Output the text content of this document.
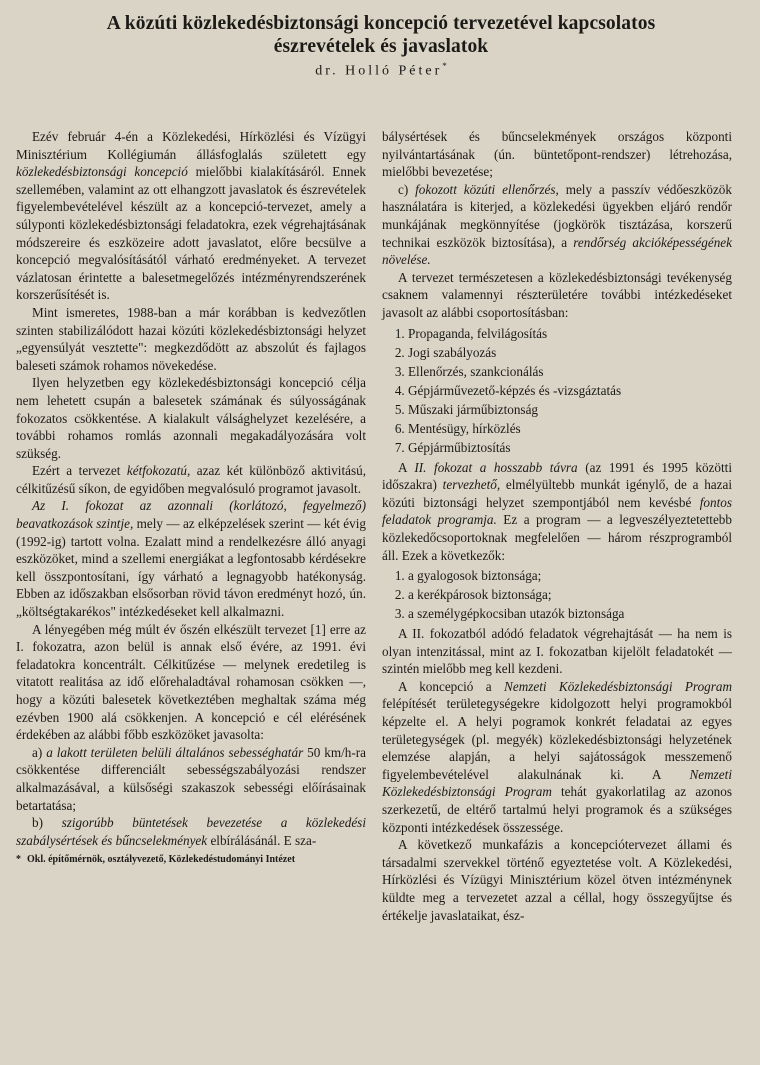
A közúti közlekedésbiztonsági koncepció tervezetével kapcsolatos
észrevételek és javaslatok
dr. Holló Péter*

Ezév február 4-én a Közlekedési, Hírközlési és Vízügyi Minisztérium Kollégiumán állásfoglalás született egy közlekedésbiztonsági koncepció mielőbbi kialakításáról. Ennek szellemében, valamint az ott elhangzott javaslatok és észrevételek figyelembevételével készült az a koncepció-tervezet, amely a súlyponti közlekedésbiztonsági feladatokra, ezek végrehajtásának módszereire és eszközeire adott javaslatot, előre becsülve a koncepció megvalósításától várható eredményeket. A tervezet vázlatosan érintette a balesetmegelőzés intézményrendszerének korszerűsítését is.

Mint ismeretes, 1988-ban a már korábban is kedvezőtlen szinten stabilizálódott hazai közúti közlekedésbiztonsági helyzet „egyensúlyát vesztette": megkezdődött az abszolút és fajlagos baleseti számok rohamos növekedése.

Ilyen helyzetben egy közlekedésbiztonsági koncepció célja nem lehetett csupán a balesetek számának és súlyosságának fokozatos csökkentése. A kialakult válsághelyzet kezelésére, a további rohamos romlás azonnali megakadályozására volt szükség.

Ezért a tervezet kétfokozatú, azaz két különböző aktivitású, célkitűzésű síkon, de egyidőben megvalósuló programot javasolt.

Az I. fokozat az azonnali (korlátozó, fegyelmező) beavatkozások szintje, mely — az elképzelések szerint — két évig (1992-ig) tartott volna. Ezalatt mind a rendelkezésre álló anyagi eszközöket, mind a szellemi energiákat a legfontosabb kérdésekre kell összpontosítani, így várható a legnagyobb hatékonyság. Ebben az időszakban elsősorban rövid távon eredményt hozó, ún. „költségtakarékos" intézkedéseket kell alkalmazni.

A lényegében még múlt év őszén elkészült tervezet [1] erre az I. fokozatra, azon belül is annak első évére, az 1991. évi feladatokra koncentrált. Célkitűzése — melynek eredetileg is vitatott realitása az idő előrehaladtával rohamosan csökken —, hogy a közúti balesetek következtében meghaltak száma még ezévben 1900 alá csökkenjen. A koncepció e cél elérésének érdekében az alábbi főbb eszközöket javasolta:

a) a lakott területen belüli általános sebességhatár 50 km/h-ra csökkentése differenciált sebességszabályozási rendszer alkalmazásával, a külsőségi szakaszok sebességi előírásainak betartatása;

b) szigorúbb büntetések bevezetése a közlekedési szabálysértések és bűncselekmények elbírálásánál. E sza-

* Okl. építőmérnök, osztályvezető, Közlekedéstudományi Intézet

bálysértések és bűncselekmények országos központi nyilvántartásának (ún. büntetőpont-rendszer) létrehozása, mielőbbi bevezetése;

c) fokozott közúti ellenőrzés, mely a passzív védőeszközök használatára is kiterjed, a közlekedési ügyekben eljáró rendőr munkájának megkönnyítése (jogkörök tisztázása, korszerű technikai eszközök biztosítása), a rendőrség akcióképességének növelése.

A tervezet természetesen a közlekedésbiztonsági tevékenység csaknem valamennyi részterületére további intézkedéseket javasolt az alábbi csoportosításban:

1. Propaganda, felvilágosítás
2. Jogi szabályozás
3. Ellenőrzés, szankcionálás
4. Gépjárművezető-képzés és -vizsgáztatás
5. Műszaki járműbiztonság
6. Mentésügy, hírközlés
7. Gépjárműbiztosítás

A II. fokozat a hosszabb távra (az 1991 és 1995 közötti időszakra) tervezhető, elmélyültebb munkát igénylő, de a hazai közúti biztonsági helyzet szempontjából nem kevésbé fontos feladatok programja. Ez a program — a legveszélyeztetettebb közlekedőcsoportoknak megfelelően — három részprogramból áll. Ezek a következők:

1. a gyalogosok biztonsága;
2. a kerékpárosok biztonsága;
3. a személygépkocsiban utazók biztonsága

A II. fokozatból adódó feladatok végrehajtását — ha nem is olyan intenzitással, mint az I. fokozatban kijelölt feladatokét — szintén mielőbb meg kell kezdeni.

A koncepció a Nemzeti Közlekedésbiztonsági Program felépítését területegységekre kidolgozott helyi programokból képzelte el. A helyi pogramok konkrét feladatai az egyes területegységek (pl. megyék) közlekedésbiztonsági helyzetének elemzése alapján, a helyi sajátosságok messzemenő figyelembevételével alakulnának ki. A Nemzeti Közlekedésbiztonsági Program tehát gyakorlatilag az azonos szerkezetű, de eltérő tartalmú helyi programok és a szükséges központi intézkedések összessége.

A következő munkafázis a koncepciótervezet állami és társadalmi szervekkel történő egyeztetése volt. A Közlekedési, Hírközlési és Vízügyi Minisztérium közel ötven intézménynek küldte meg a tervezetet azzal a céllal, hogy összegyűjtse és értékelje javaslataikat, ész-
